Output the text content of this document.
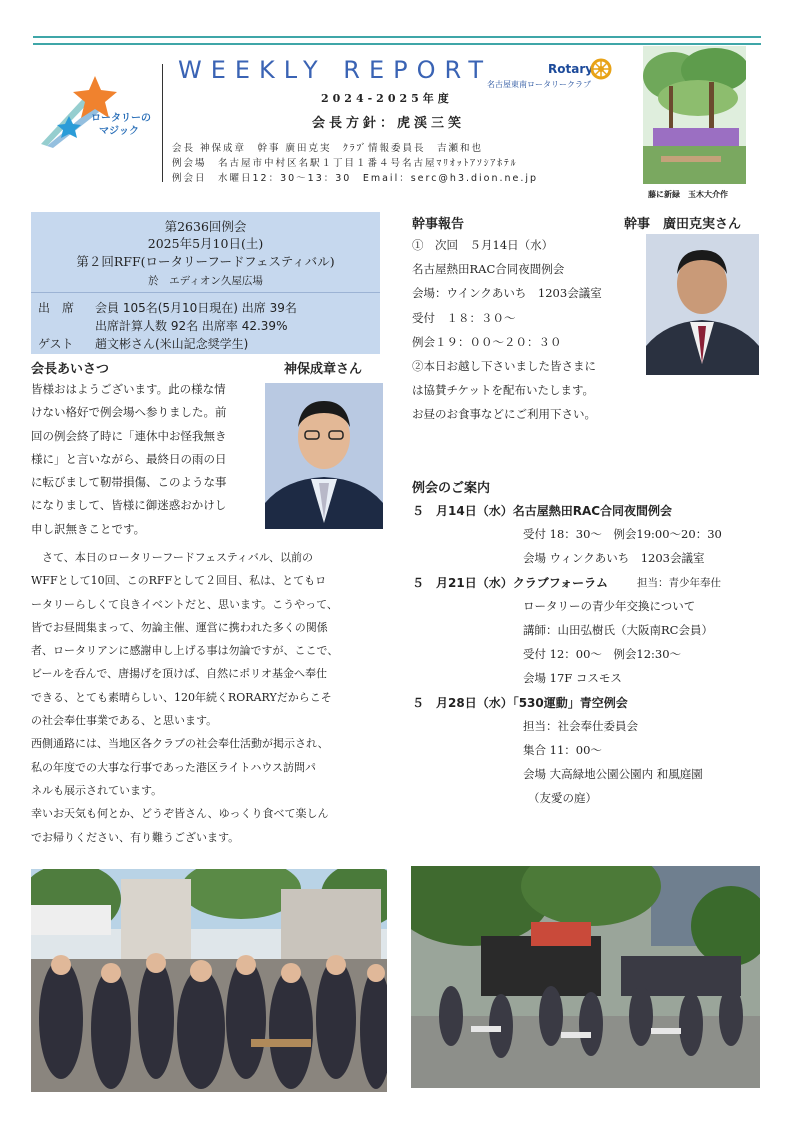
ロータリーの
マジック
WEEKLY REPORT	Rotary
名古屋東南ロータリークラブ
2024-2025年度
会長方針：虎渓三笑
会長 神保成章　幹事 廣田克実　ｸﾗﾌﾞ情報委員長　吉瀬和也
例会場　名古屋市中村区名駅１丁目１番４号名古屋ﾏﾘｵｯﾄｱｿｼｱﾎﾃﾙ
例会日　水曜日12：30～13：30　Email：serc@h3.dion.ne.jp
藤に新緑　玉木大介作
第2636回例会
2025年5月10日(土)
第２回RFF(ロータリーフードフェスティバル)
於　エディオン久屋広場
出　席 会員 105名(5月10日現在) 出席 39名
出席計算人数 92名 出席率 42.39%
ゲスト 趙文彬さん(米山記念奨学生)
会長あいさつ	神保成章さん
皆様おはようございます。此の様な情
けない格好で例会場へ参りました。前
回の例会終了時に「連休中お怪我無き
様に」と言いながら、最終日の雨の日
に転びまして靭帯損傷、このような事
になりまして、皆様に御迷惑おかけし
申し訳無きことです。
　さて、本日のロータリーフードフェスティバル、以前の
WFFとして10回、このRFFとして２回目、私は、とてもロ
ータリーらしくて良きイベントだと、思います。こうやって、
皆でお昼間集まって、勿論主催、運営に携われた多くの関係
者、ロータリアンに感謝申し上げる事は勿論ですが、ここで、
ビールを呑んで、唐揚げを頂けば、自然にポリオ基金へ奉仕
できる、とても素晴らしい、120年続くRORARYだからこそ
の社会奉仕事業である、と思います。
西側通路には、当地区各クラブの社会奉仕活動が掲示され、
私の年度での大事な行事であった港区ライトハウス訪問パ
ネルも展示されています。
幸いお天気も何とか、どうぞ皆さん、ゆっくり食べて楽しん
でお帰りください、有り難うございます。
幹事報告	幹事　廣田克実さん
①　次回　５月14日（水）
名古屋熱田RAC合同夜間例会
会場：ウインクあいち　1203会議室
受付　１８：３０～
例会１９：００～２０：３０
②本日お越し下さいました皆さまに
は協賛チケットを配布いたします。
お昼のお食事などにご利用下さい。
例会のご案内
５　月14日（水）名古屋熱田RAC合同夜間例会
受付 18：30～　例会19:00～20：30
会場 ウィンクあいち　1203会議室
５　月21日（水）クラブフォーラム	担当：青少年奉仕
ロータリーの青少年交換について
講師：山田弘樹氏（大阪南RC会員）
受付 12：00～　例会12:30～
会場 17F コスモス
５　月28日（水）「530運動」青空例会
担当：社会奉仕委員会
集合 11：00～
会場 大高緑地公園公園内 和風庭園
（友愛の庭）
